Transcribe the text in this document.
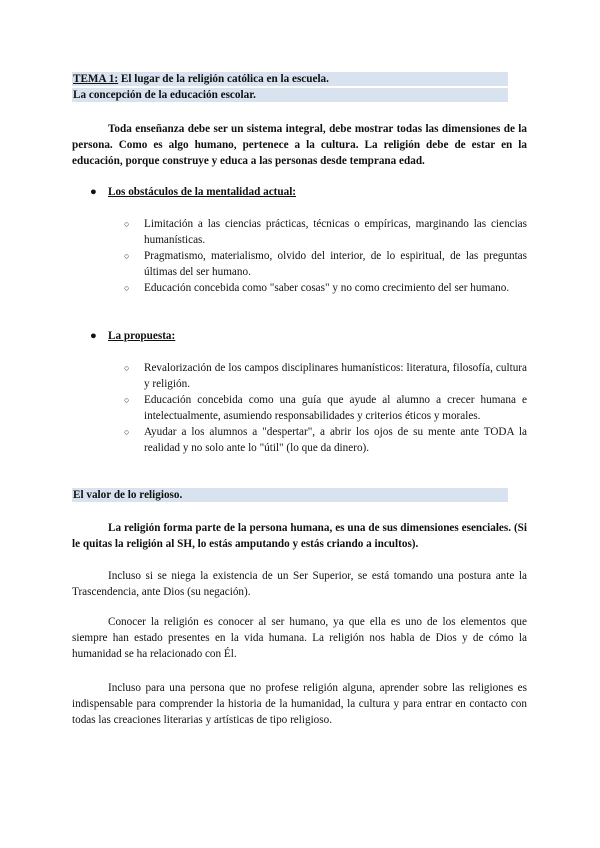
TEMA 1: El lugar de la religión católica en la escuela.
La concepción de la educación escolar.
Toda enseñanza debe ser un sistema integral, debe mostrar todas las dimensiones de la persona. Como es algo humano, pertenece a la cultura. La religión debe de estar en la educación, porque construye y educa a las personas desde temprana edad.
● Los obstáculos de la mentalidad actual:
○	Limitación a las ciencias prácticas, técnicas o empíricas, marginando las ciencias humanísticas.
○	Pragmatismo, materialismo, olvido del interior, de lo espiritual, de las preguntas últimas del ser humano.
○	Educación concebida como "saber cosas" y no como crecimiento del ser humano.
● La propuesta:
○	Revalorización de los campos disciplinares humanísticos: literatura, filosofía, cultura y religión.
○	Educación concebida como una guía que ayude al alumno a crecer humana e intelectualmente, asumiendo responsabilidades y criterios éticos y morales.
○	Ayudar a los alumnos a "despertar", a abrir los ojos de su mente ante TODA la realidad y no solo ante lo "útil" (lo que da dinero).
El valor de lo religioso.
La religión forma parte de la persona humana, es una de sus dimensiones esenciales. (Si le quitas la religión al SH, lo estás amputando y estás criando a incultos).
Incluso si se niega la existencia de un Ser Superior, se está tomando una postura ante la Trascendencia, ante Dios (su negación).
Conocer la religión es conocer al ser humano, ya que ella es uno de los elementos que siempre han estado presentes en la vida humana. La religión nos habla de Dios y de cómo la humanidad se ha relacionado con Él.
Incluso para una persona que no profese religión alguna, aprender sobre las religiones es indispensable para comprender la historia de la humanidad, la cultura y para entrar en contacto con todas las creaciones literarias y artísticas de tipo religioso.
